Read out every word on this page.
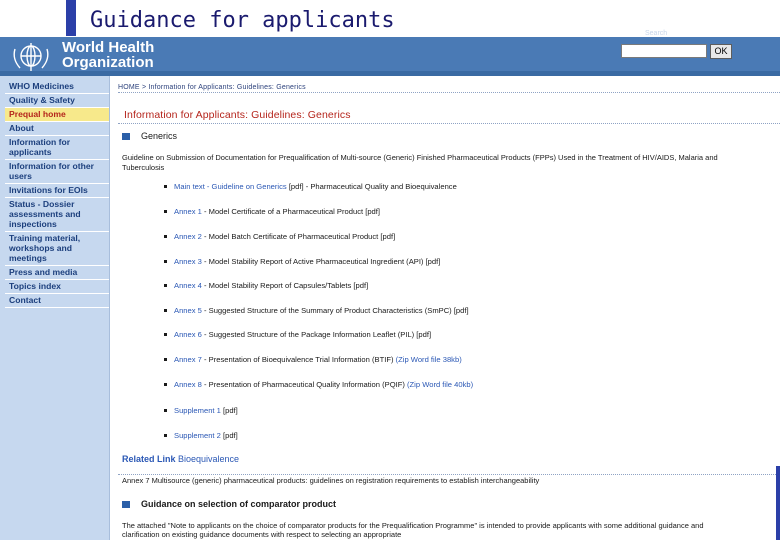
Guidance for applicants
World Health
Organization
Search
OK
WHO Medicines
Quality & Safety
Prequal home
About
Information for applicants
Information for other users
Invitations for EOIs
Status - Dossier assessments and inspections
Training material, workshops and meetings
Press and media
Topics index
Contact
HOME > Information for Applicants: Guidelines: Generics
Information for Applicants: Guidelines: Generics
Generics
Guideline on Submission of Documentation for Prequalification of Multi-source (Generic) Finished Pharmaceutical Products (FPPs) Used in the Treatment of HIV/AIDS, Malaria and Tuberculosis
Main text - Guideline on Generics [pdf] - Pharmaceutical Quality and Bioequivalence
Annex 1 - Model Certificate of a Pharmaceutical Product [pdf]
Annex 2 - Model Batch Certificate of Pharmaceutical Product [pdf]
Annex 3 - Model Stability Report of Active Pharmaceutical Ingredient (API) [pdf]
Annex 4 - Model Stability Report of Capsules/Tablets [pdf]
Annex 5 - Suggested Structure of the Summary of Product Characteristics (SmPC) [pdf]
Annex 6 - Suggested Structure of the Package Information Leaflet (PIL) [pdf]
Annex 7 - Presentation of Bioequivalence Trial Information (BTIF) (Zip Word file 38kb)
Annex 8 - Presentation of Pharmaceutical Quality Information (PQIF) (Zip Word file 40kb)
Supplement 1 [pdf]
Supplement 2 [pdf]
Related Link Bioequivalence
Annex 7 Multisource (generic) pharmaceutical products: guidelines on registration requirements to establish interchangeability
Guidance on selection of comparator product
The attached "Note to applicants on the choice of comparator products for the Prequalification Programme" is intended to provide applicants with some additional guidance and clarification on existing guidance documents with respect to selecting an appropriate
